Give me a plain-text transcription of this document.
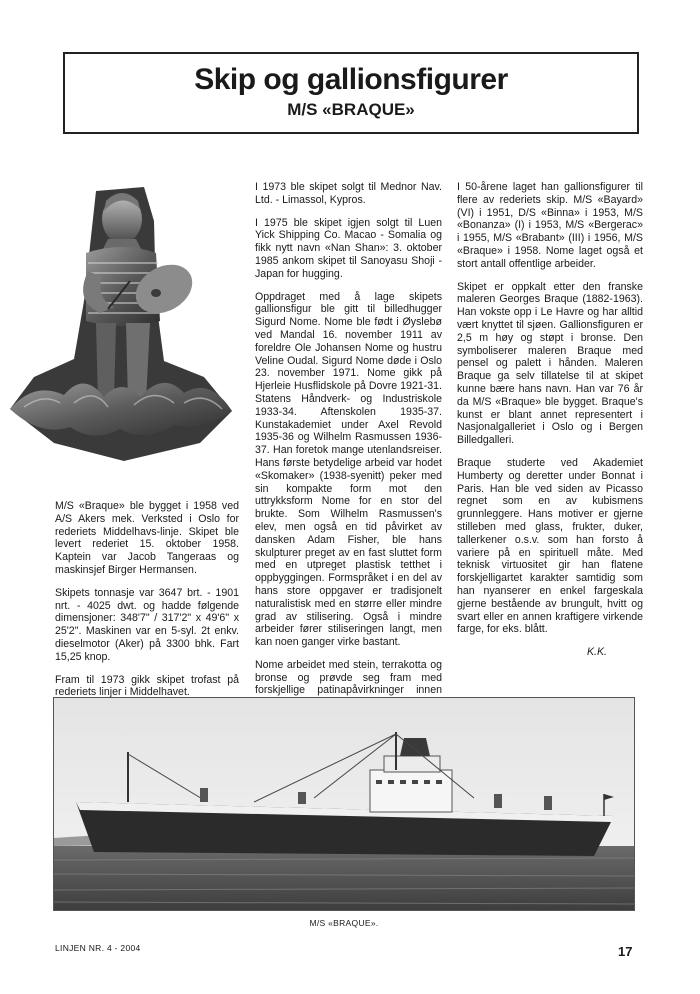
Skip og gallionsfigurer
M/S «BRAQUE»

M/S «Braque» ble bygget i 1958 ved A/S Akers mek. Verksted i Oslo for rederiets Middelhavs-linje. Skipet ble levert rederiet 15. oktober 1958. Kaptein var Jacob Tangeraas og maskinsjef Birger Hermansen.

Skipets tonnasje var 3647 brt. - 1901 nrt. - 4025 dwt. og hadde følgende dimensjoner: 348'7" / 317'2" x 49'6" x 25'2". Maskinen var en 5-syl. 2t enkv. dieselmotor (Aker) på 3300 bhk. Fart 15,25 knop.

Fram til 1973 gikk skipet trofast på rederiets linjer i Middelhavet.

I 1973 ble skipet solgt til Mednor Nav. Ltd. - Limassol, Kypros.

I 1975 ble skipet igjen solgt til Luen Yick Shipping Co. Macao - Somalia og fikk nytt navn «Nan Shan»: 3. oktober 1985 ankom skipet til Sanoyasu Shoji - Japan for hugging.

Oppdraget med å lage skipets gallionsfigur ble gitt til billedhugger Sigurd Nome. Nome ble født i Øyslebø ved Mandal 16. november 1911 av foreldre Ole Johansen Nome og hustru Veline Oudal. Sigurd Nome døde i Oslo 23. november 1971. Nome gikk på Hjerleie Husflidskole på Dovre 1921-31. Statens Håndverk- og Industriskole 1933-34. Aftenskolen 1935-37. Kunstakademiet under Axel Revold 1935-36 og Wilhelm Rasmussen 1936-37. Han foretok mange utenlandsreiser. Hans første betydelige arbeid var hodet «Skomaker» (1938-syenitt) peker med sin kompakte form mot den uttrykksform Nome for en stor del brukte. Som Wilhelm Rasmussen's elev, men også en tid påvirket av dansken Adam Fisher, ble hans skulpturer preget av en fast sluttet form med en utpreget plastisk tetthet i oppbyggingen. Formspråket i en del av hans store oppgaver er tradisjonelt naturalistisk med en større eller mindre grad av stilisering. Også i mindre arbeider fører stiliseringen langt, men kan noen ganger virke bastant.

Nome arbeidet med stein, terrakotta og bronse og prøvde seg fram med forskjellige patinapåvirkninger innen

I 50-årene laget han gallionsfigurer til flere av rederiets skip. M/S «Bayard» (VI) i 1951, D/S «Binna» i 1953, M/S «Bonanza» (I) i 1953, M/S «Bergerac» i 1955, M/S «Brabant» (III) i 1956, M/S «Braque» i 1958. Nome laget også et stort antall offentlige arbeider.

Skipet er oppkalt etter den franske maleren Georges Braque (1882-1963). Han vokste opp i Le Havre og har alltid vært knyttet til sjøen. Gallionsfiguren er 2,5 m høy og støpt i bronse. Den symboliserer maleren Braque med pensel og palett i hånden. Maleren Braque ga selv tillatelse til at skipet kunne bære hans navn. Han var 76 år da M/S «Braque» ble bygget. Braque's kunst er blant annet representert i Nasjonalgalleriet i Oslo og i Bergen Billedgalleri.

Braque studerte ved Akademiet Humberty og deretter under Bonnat i Paris. Han ble ved siden av Picasso regnet som en av kubismens grunnleggere. Hans motiver er gjerne stilleben med glass, frukter, duker, tallerkener o.s.v. som han forsto å variere på en spirituell måte. Med teknisk virtuositet gir han flatene forskjelligartet karakter samtidig som han nyanserer en enkel fargeskala gjerne bestående av brungult, hvitt og svart eller en annen kraftigere virkende farge, for eks. blått.

K.K.
M/S «BRAQUE».
LINJEN NR. 4 - 2004	17
